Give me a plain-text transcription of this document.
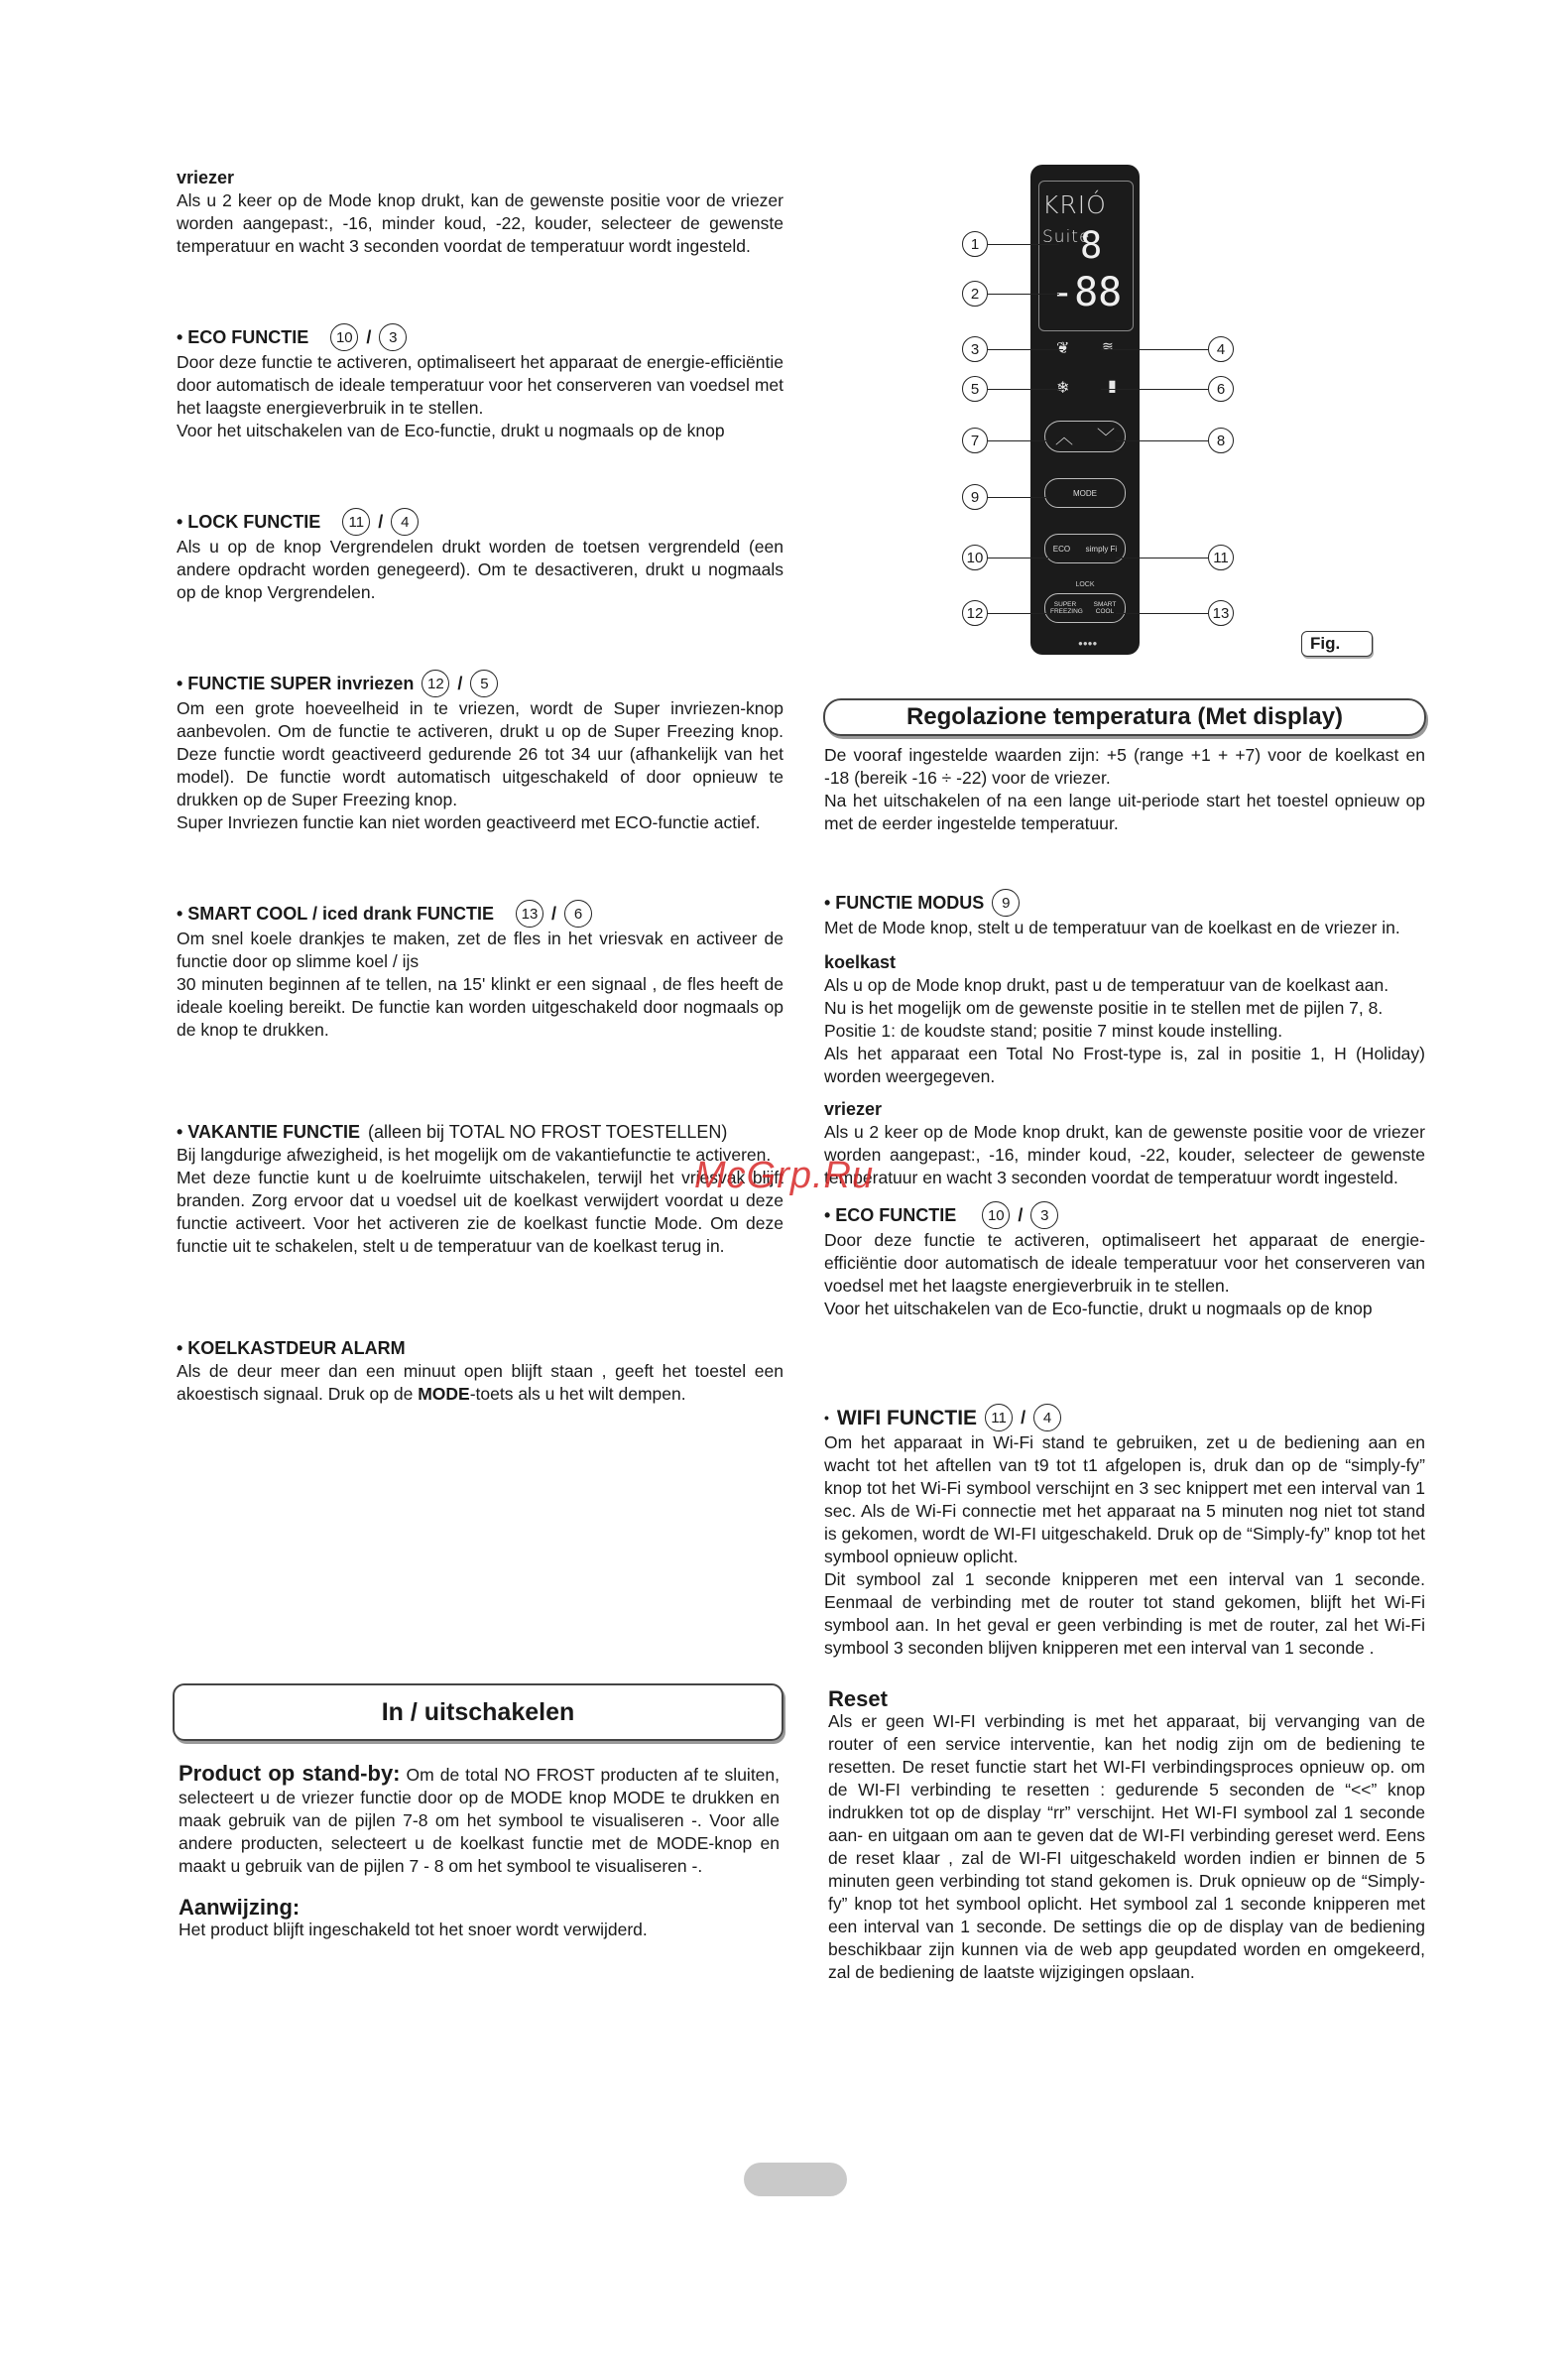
vriezer

Als u 2 keer op de Mode knop drukt, kan de gewenste positie voor de vriezer worden aangepast:, -16, minder koud, -22, kouder, selecteer de gewenste temperatuur en wacht 3 seconden voordat de temperatuur wordt ingesteld.

• ECO FUNCTIE	10 /	3

Door deze functie te activeren, optimaliseert het apparaat de energie-efficiëntie door automatisch de ideale temperatuur voor het conserveren van voedsel met het laagste energieverbruik in te stellen.

Voor het uitschakelen van de Eco-functie, drukt u nogmaals op de knop

• LOCK FUNCTIE	11 /	4

Als u op de knop Vergrendelen drukt worden de toetsen vergrendeld (een andere opdracht worden genegeerd). Om te desactiveren, drukt u nogmaals op de knop Vergrendelen.

• FUNCTIE SUPER invriezen 12 /	5

Om een grote hoeveelheid in te vriezen, wordt de Super invriezen-knop aanbevolen. Om de functie te activeren, drukt u op de Super Freezing knop. Deze functie wordt geactiveerd gedurende 26 tot 34 uur (afhankelijk van het model). De functie wordt automatisch uitgeschakeld of door opnieuw te drukken op de Super Freezing knop.

Super Invriezen functie kan niet worden geactiveerd met ECO-functie actief.

• SMART COOL / iced drank FUNCTIE	13 /	6

Om snel koele drankjes te maken, zet de fles in het vriesvak en activeer de functie door op slimme koel / ijs

30 minuten beginnen af te tellen, na 15' klinkt er een signaal , de fles heeft de ideale koeling bereikt. De functie kan worden uitgeschakeld door nogmaals op de knop te drukken.

• VAKANTIE FUNCTIE (alleen bij TOTAL NO FROST TOESTELLEN)

Bij langdurige afwezigheid, is het mogelijk om de vakantiefunctie te activeren.

Met deze functie kunt u de koelruimte uitschakelen, terwijl het vriesvak blijft branden. Zorg ervoor dat u voedsel uit de koelkast verwijdert voordat u deze functie activeert. Voor het activeren zie de koelkast functie Mode. Om deze functie uit te schakelen, stelt u de temperatuur van de koelkast terug in.

• KOELKASTDEUR ALARM

Als de deur meer dan een minuut open blijft staan , geeft het toestel een akoestisch signaal. Druk op de MODE-toets als u het wilt dempen.

In / uitschakelen

Product op stand-by: Om de total NO FROST producten af te sluiten, selecteert u de vriezer functie door op de MODE knop MODE te drukken en maak gebruik van de pijlen 7-8 om het symbool te visualiseren -. Voor alle andere producten, selecteert u de koelkast functie met de MODE-knop en maakt u gebruik van de pijlen 7 - 8 om het symbool te visualiseren -.

Aanwijzing:

Het product blijft ingeschakeld tot het snoer wordt verwijderd.

KRIÓ Suite
8
-88
❦ ≋
❄ ▮
︿ ﹀
MODE
ECO simply Fi
LOCK
SUPER FREEZING
SMART COOL
●●●●
1
2
3	4
5	6
7	8
9
10	11
12	13
Fig.
Regolazione temperatura (Met display)

De vooraf ingestelde waarden zijn: +5 (range +1 + +7) voor de koelkast en -18 (bereik -16 ÷ -22) voor de vriezer.

Na het uitschakelen of na een lange uit-periode start het toestel opnieuw op met de eerder ingestelde temperatuur.

• FUNCTIE MODUS	9

Met de Mode knop, stelt u de temperatuur van de koelkast en de vriezer in.

koelkast

Als u op de Mode knop drukt, past u de temperatuur van de koelkast aan.

Nu is het mogelijk om de gewenste positie in te stellen met de pijlen 7, 8.

Positie 1: de koudste stand; positie 7 minst koude instelling.

Als het apparaat een Total No Frost-type is, zal in positie 1, H (Holiday) worden weergegeven.

vriezer

Als u 2 keer op de Mode knop drukt, kan de gewenste positie voor de vriezer worden aangepast:, -16, minder koud, -22, kouder, selecteer de gewenste temperatuur en wacht 3 seconden voordat de temperatuur wordt ingesteld.

• ECO FUNCTIE	10 /	3

Door deze functie te activeren, optimaliseert het apparaat de energie-efficiëntie door automatisch de ideale temperatuur voor het conserveren van voedsel met het laagste energieverbruik in te stellen.

Voor het uitschakelen van de Eco-functie, drukt u nogmaals op de knop

• WIFI FUNCTIE 11 /	4

Om het apparaat in Wi-Fi stand te gebruiken, zet u de bediening aan en wacht tot het aftellen van t9 tot t1 afgelopen is, druk dan op de “simply-fy” knop tot het Wi-Fi symbool verschijnt en 3 sec knippert met een interval van 1 sec. Als de Wi-Fi connectie met het apparaat na 5 minuten nog niet tot stand is gekomen, wordt de WI-FI uitgeschakeld. Druk op de “Simply-fy” knop tot het symbool opnieuw oplicht.

Dit symbool zal 1 seconde knipperen met een interval van 1 seconde. Eenmaal de verbinding met de router tot stand gekomen, blijft het Wi-Fi symbool aan. In het geval er geen verbinding is met de router, zal het Wi-Fi symbool 3 seconden blijven knipperen met een interval van 1 seconde .

Reset

Als er geen WI-FI verbinding is met het apparaat, bij vervanging van de router of een service interventie, kan het nodig zijn om de bediening te resetten. De reset functie start het WI-FI verbindingsproces opnieuw op. om de WI-FI verbinding te resetten : gedurende 5 seconden de “<<” knop indrukken tot op de display “rr” verschijnt. Het WI-FI symbool zal 1 seconde aan- en uitgaan om aan te geven dat de WI-FI verbinding gereset werd. Eens de reset klaar , zal de WI-FI uitgeschakeld worden indien er binnen de 5 minuten geen verbinding tot stand gekomen is. Druk opnieuw op de “Simply-fy” knop tot het symbool oplicht. Het symbool zal 1 seconde knipperen met een interval van 1 seconde. De settings die op de display van de bediening beschikbaar zijn kunnen via de web app geupdated worden en omgekeerd, zal de bediening de laatste wijzigingen opslaan.

McGrp.Ru
